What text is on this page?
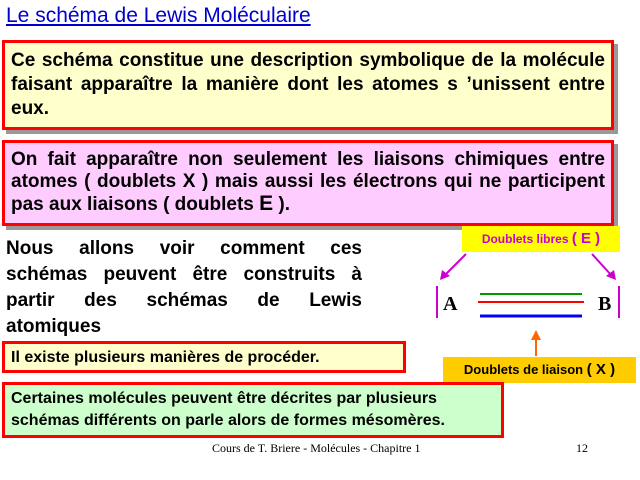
Le schéma de Lewis Moléculaire
Ce schéma constitue une description symbolique de la molécule faisant apparaître la manière dont les atomes s ’unissent entre eux.
On fait apparaître non seulement les liaisons chimiques entre atomes ( doublets X ) mais aussi les électrons qui ne participent pas aux liaisons ( doublets E ).
Nous allons voir comment ces schémas peuvent être construits à partir des schémas de Lewis atomiques
Doublets libres ( E )
A	B
Doublets de liaison ( X )
Il existe plusieurs manières de procéder.
Certaines molécules peuvent être décrites par plusieurs schémas différents on parle alors de formes mésomères.
Cours de T. Briere - Molécules - Chapitre 1	12
